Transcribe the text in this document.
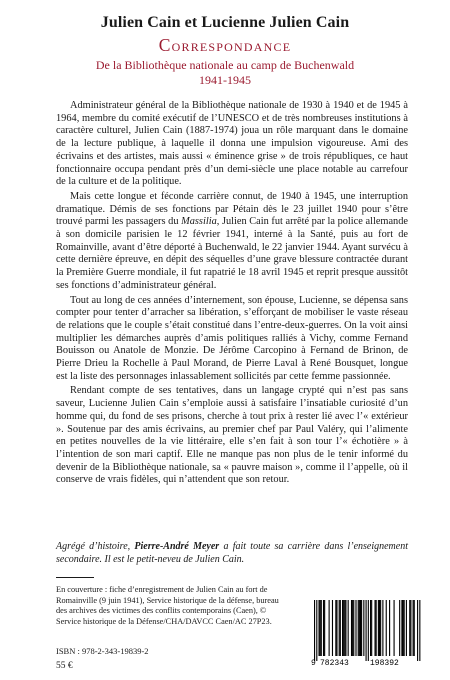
Julien Cain et Lucienne Julien Cain
Correspondance
De la Bibliothèque nationale au camp de Buchenwald
1941-1945

Administrateur général de la Bibliothèque nationale de 1930 à 1940 et de 1945 à 1964, membre du comité exécutif de l’UNESCO et de très nombreuses institutions à caractère culturel, Julien Cain (1887-1974) joua un rôle marquant dans le domaine de la lecture publique, à laquelle il donna une impulsion vigoureuse. Ami des écrivains et des artistes, mais aussi « éminence grise » de trois républiques, ce haut fonctionnaire occupa pendant près d’un demi-siècle une place notable au carrefour de la culture et de la politique.

Mais cette longue et féconde carrière connut, de 1940 à 1945, une interruption dramatique. Démis de ses fonctions par Pétain dès le 23 juillet 1940 pour s’être trouvé parmi les passagers du Massilia, Julien Cain fut arrêté par la police allemande à son domicile parisien le 12 février 1941, interné à la Santé, puis au fort de Romainville, avant d’être déporté à Buchenwald, le 22 janvier 1944. Ayant survécu à cette dernière épreuve, en dépit des séquelles d’une grave blessure contractée durant la Première Guerre mondiale, il fut rapatrié le 18 avril 1945 et reprit presque aussitôt ses fonctions d’administrateur général.

Tout au long de ces années d’internement, son épouse, Lucienne, se dépensa sans compter pour tenter d’arracher sa libération, s’efforçant de mobiliser le vaste réseau de relations que le couple s’était constitué dans l’entre-deux-guerres. On la voit ainsi multiplier les démarches auprès d’amis politiques ralliés à Vichy, comme Fernand Bouisson ou Anatole de Monzie. De Jérôme Carcopino à Fernand de Brinon, de Pierre Drieu la Rochelle à Paul Morand, de Pierre Laval à René Bousquet, longue est la liste des personnages inlassablement sollicités par cette femme passionnée.

Rendant compte de ses tentatives, dans un langage crypté qui n’est pas sans saveur, Lucienne Julien Cain s’emploie aussi à satisfaire l’insatiable curiosité d’un homme qui, du fond de ses prisons, cherche à tout prix à rester lié avec l’« extérieur ». Soutenue par des amis écrivains, au premier chef par Paul Valéry, qui l’alimente en petites nouvelles de la vie littéraire, elle s’en fait à son tour l’« échotière » à l’intention de son mari captif. Elle ne manque pas non plus de le tenir informé du devenir de la Bibliothèque nationale, sa « pauvre maison », comme il l’appelle, où il conserve de vrais fidèles, qui n’attendent que son retour.

Agrégé d’histoire, Pierre-André Meyer a fait toute sa carrière dans l’enseignement secondaire. Il est le petit-neveu de Julien Cain.
En couverture : fiche d’enregistrement de Julien Cain au fort de Romainville (9 juin 1941), Service historique de la défense, bureau des archives des victimes des conflits contemporains (Caen), © Service historique de la Défense/CHA/DAVCC Caen/AC 27P23.
ISBN : 978-2-343-19839-2
55 €	9 782343	198392
